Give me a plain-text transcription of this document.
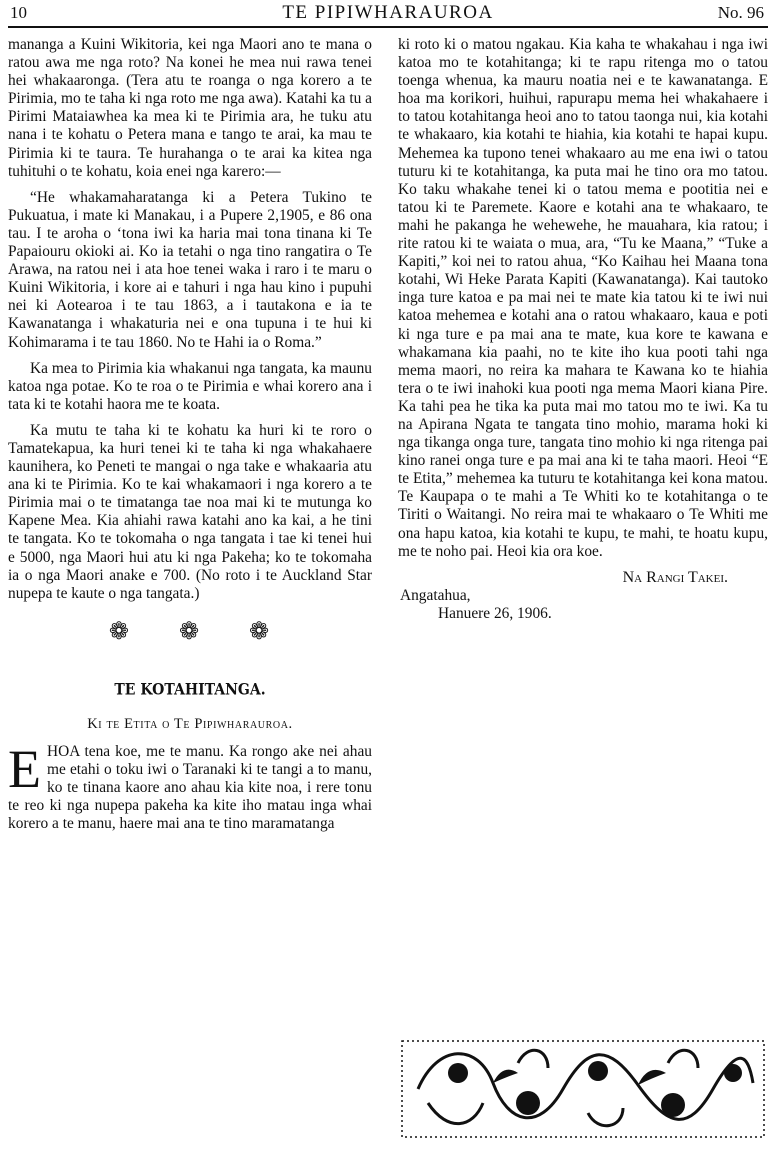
10	TE PIPIWHARAUROA	No. 96

mananga a Kuini Wikitoria, kei nga Maori ano te mana o ratou awa me nga roto? Na konei he mea nui rawa tenei hei whakaaronga. (Tera atu te roanga o nga korero a te Pirimia, mo te taha ki nga roto me nga awa). Katahi ka tu a Pirimi Mataiawhea ka mea ki te Pirimia ara, he tuku atu nana i te kohatu o Petera mana e tango te arai, ka mau te Pirimia ki te taura. Te hurahanga o te arai ka kitea nga tuhituhi o te kohatu, koia enei nga karero:—

“He whakamaharatanga ki a Petera Tukino te Pukuatua, i mate ki Manakau, i a Pupere 2,1905, e 86 ona tau. I te aroha o ‘tona iwi ka haria mai tona tinana ki Te Papaiouru okioki ai. Ko ia tetahi o nga tino rangatira o Te Arawa, na ratou nei i ata hoe tenei waka i raro i te maru o Kuini Wikitoria, i kore ai e tahuri i nga hau kino i pupuhi nei ki Aotearoa i te tau 1863, a i tautakona e ia te Kawanatanga i whakaturia nei e ona tupuna i te hui ki Kohimarama i te tau 1860. No te Hahi ia o Roma.”

Ka mea to Pirimia kia whakanui nga tangata, ka maunu katoa nga potae. Ko te roa o te Pirimia e whai korero ana i tata ki te kotahi haora me te koata.

Ka mutu te taha ki te kohatu ka huri ki te roro o Tamatekapua, ka huri tenei ki te taha ki nga whakahaere kaunihera, ko Peneti te mangai o nga take e whakaaria atu ana ki te Pirimia. Ko te kai whakamaori i nga korero a te Pirimia mai o te timatanga tae noa mai ki te mutunga ko Kapene Mea. Kia ahiahi rawa katahi ano ka kai, a he tini te tangata. Ko te tokomaha o nga tangata i tae ki tenei hui e 5000, nga Maori hui atu ki nga Pakeha; ko te tokomaha ia o nga Maori anake e 700. (No roto i te Auckland Star nupepa te kaute o nga tangata.)

❁ ❁ ❁
TE KOTAHITANGA.
Ki te Etita o Te Pipiwharauroa.

EHOA tena koe, me te manu. Ka rongo ake nei ahau me etahi o toku iwi o Taranaki ki te tangi a to manu, ko te tinana kaore ano ahau kia kite noa, i rere tonu te reo ki nga nupepa pakeha ka kite iho matau inga whai korero a te manu, haere mai ana te tino maramatanga

ki roto ki o matou ngakau. Kia kaha te whakahau i nga iwi katoa mo te kotahitanga; ki te rapu ritenga mo o tatou toenga whenua, ka mauru noatia nei e te kawanatanga. E hoa ma korikori, huihui, rapurapu mema hei whakahaere i to tatou kotahitanga heoi ano to tatou taonga nui, kia kotahi te whakaaro, kia kotahi te hiahia, kia kotahi te hapai kupu. Mehemea ka tupono tenei whakaaro au me ena iwi o tatou tuturu ki te kotahitanga, ka puta mai he tino ora mo tatou. Ko taku whakahe tenei ki o tatou mema e pootitia nei e tatou ki te Paremete. Kaore e kotahi ana te whakaaro, te mahi he pakanga he wehewehe, he mauahara, kia ratou; i rite ratou ki te waiata o mua, ara, “Tu ke Maana,” “Tuke a Kapiti,” koi nei to ratou ahua, “Ko Kaihau hei Maana tona kotahi, Wi Heke Parata Kapiti (Kawanatanga). Kai tautoko inga ture katoa e pa mai nei te mate kia tatou ki te iwi nui katoa mehemea e kotahi ana o ratou whakaaro, kaua e poti ki nga ture e pa mai ana te mate, kua kore te kawana e whakamana kia paahi, no te kite iho kua pooti tahi nga mema maori, no reira ka mahara te Kawana ko te hiahia tera o te iwi inahoki kua pooti nga mema Maori kiana Pire. Ka tahi pea he tika ka puta mai mo tatou mo te iwi. Ka tu na Apirana Ngata te tangata tino mohio, marama hoki ki nga tikanga onga ture, tangata tino mohio ki nga ritenga pai kino ranei onga ture e pa mai ana ki te taha maori. Heoi “E te Etita,” mehemea ka tuturu te kotahitanga kei kona matou. Te Kaupapa o te mahi a Te Whiti ko te kotahitanga o te Tiriti o Waitangi. No reira mai te whakaaro o Te Whiti me ona hapu katoa, kia kotahi te kupu, te mahi, te hoatu kupu, me te noho pai. Heoi kia ora koe.

Na Rangi Takei.
Angatahua,
Hanuere 26, 1906.
